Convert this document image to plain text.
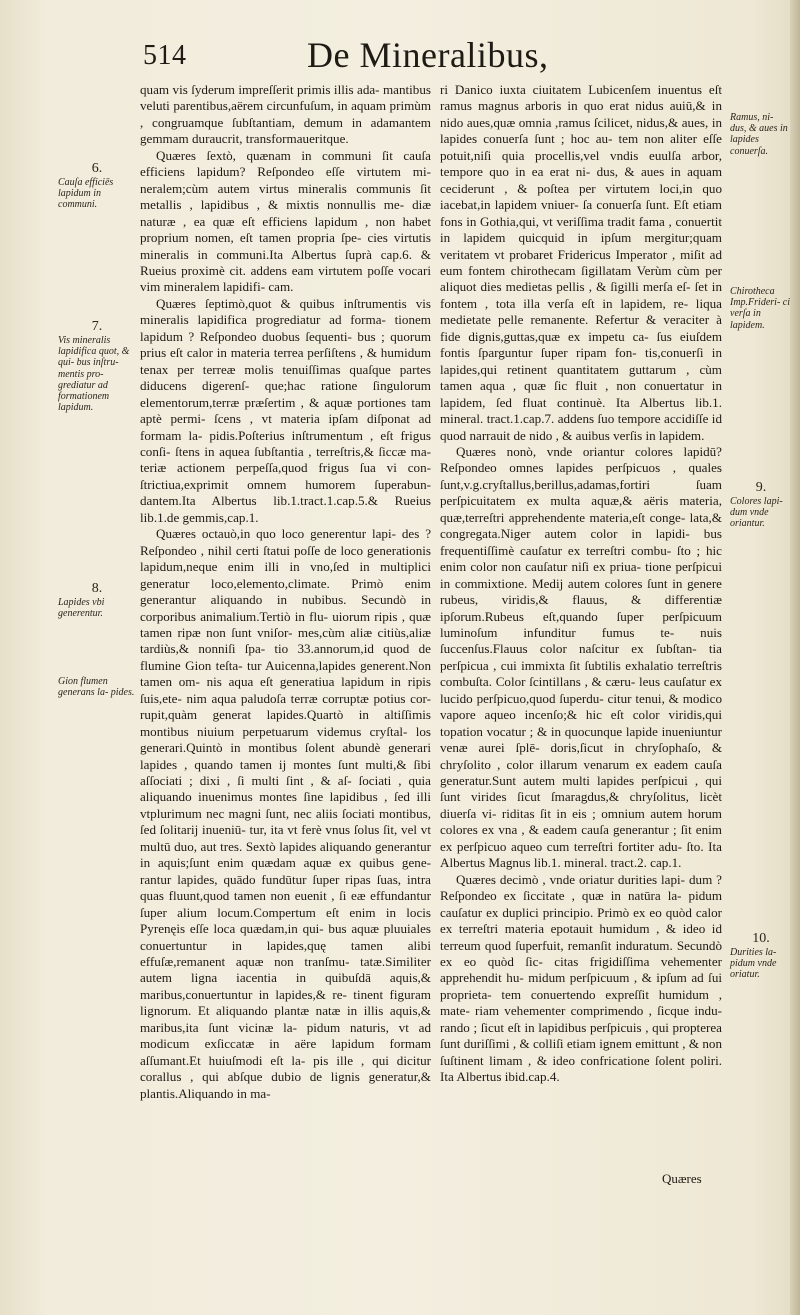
514	De Mineralibus,
6.
Cauſa efficiēs lapidum in communi.
7.
Vis mineralis lapidifica quot, & qui- bus inſtru- mentis pro- grediatur ad formationem lapidum.
8.
Lapides vbi generentur.
Gion flumen generans la- pides.

quam vis ſyderum impreſſerit primis illis ada- mantibus veluti parentibus,aërem circunfuſum, in aquam primùm , congruamque ſubſtantiam, demum in adamantem gemmam duraucrit, transformaueritque.

Quæres ſextò, quænam in communi ſit cauſa efficiens lapidum? Reſpondeo eſſe virtutem mi- neralem;cùm autem virtus mineralis communis ſit metallis , lapidibus , & mixtis nonnullis me- diæ naturæ , ea quæ eſt efficiens lapidum , non habet proprium nomen, eſt tamen propria ſpe- cies virtutis mineralis in communi.Ita Albertus ſuprà cap.6. & Rueius proximè cit. addens eam virtutem poſſe vocari vim mineralem lapidifi- cam.

Quæres ſeptimò,quot & quibus inſtrumentis vis mineralis lapidifica progrediatur ad forma- tionem lapidum ? Reſpondeo duobus ſequenti- bus ; quorum prius eſt calor in materia terrea perſiſtens , & humidum tenax per terreæ molis tenuiſſimas quaſque partes diducens digerenſ- que;hac ratione ſingulorum elementorum,terræ præſertim , & aquæ portiones tam aptè permi- ſcens , vt materia ipſam diſponat ad formam la- pidis.Poſterius inſtrumentum , eſt frigus conſi- ſtens in aquea ſubſtantia , terreſtris,& ſiccæ ma- teriæ actionem perpeſſa,quod frigus ſua vi con- ſtrictiua,exprimit omnem humorem ſuperabun- dantem.Ita Albertus lib.1.tract.1.cap.5.& Rueius lib.1.de gemmis,cap.1.

Quæres octauò,in quo loco generentur lapi- des ? Reſpondeo , nihil certi ſtatui poſſe de loco generationis lapidum,neque enim illi in vno,ſed in multiplici generatur loco,elemento,climate. Primò enim generantur aliquando in nubibus. Secundò in corporibus animalium.Tertiò in flu- uiorum ripis , quæ tamen ripæ non ſunt vniſor- mes,cùm aliæ citiùs,aliæ tardiùs,& nonniſi ſpa- tio 33.annorum,id quod de flumine Gion teſta- tur Auicenna,lapides generent.Non tamen om- nis aqua eſt generatiua lapidum in ripis ſuis,ete- nim aqua paludoſa terræ corruptæ potius cor- rupit,quàm generat lapides.Quartò in altiſſimis montibus niuium perpetuarum videmus cryſtal- los generari.Quintò in montibus ſolent abundè generari lapides , quando tamen ij montes ſunt multi,& ſibi aſſociati ; dixi , ſi multi ſint , & aſ- ſociati , quia aliquando inuenimus montes ſine lapidibus , ſed illi vtplurimum nec magni ſunt, nec aliis ſociati montibus, ſed ſolitarij inueniū- tur, ita vt ferè vnus ſolus ſit, vel vt multū duo, aut tres. Sextò lapides aliquando generantur in aquis;ſunt enim quædam aquæ ex quibus gene- rantur lapides, quādo fundūtur ſuper ripas ſuas, intra quas fluunt,quod tamen non euenit , ſi eæ effundantur ſuper alium locum.Compertum eſt enim in locis Pyrenęis eſſe loca quædam,in qui- bus aquæ pluuiales conuertuntur in lapides,quę tamen alibi effuſæ,remanent aquæ non tranſmu- tatæ.Similiter autem ligna iacentia in quibuſdā aquis,& maribus,conuertuntur in lapides,& re- tinent figuram lignorum. Et aliquando plantæ natæ in illis aquis,& maribus,ita ſunt vicinæ la- pidum naturis, vt ad modicum exſiccatæ in aëre lapidum formam aſſumant.Et huiuſmodi eſt la- pis ille , qui dicitur corallus , qui abſque dubio de lignis generatur,& plantis.Aliquando in ma-

ri Danico iuxta ciuitatem Lubicenſem inuentus eſt ramus magnus arboris in quo erat nidus auiū,& in nido aues,quæ omnia ,ramus ſcilicet, nidus,& aues, in lapides conuerſa ſunt ; hoc au- tem non aliter eſſe potuit,niſi quia procellis,vel vndis euulſa arbor, tempore quo in ea erat ni- dus, & aues in aquam ceciderunt , & poſtea per virtutem loci,in quo iacebat,in lapidem vniuer- ſa conuerſa ſunt. Eſt etiam fons in Gothia,qui, vt veriſſima tradit fama , conuertit in lapidem quicquid in ipſum mergitur;quam veritatem vt probaret Fridericus Imperator , miſit ad eum fontem chirothecam ſigillatam Verùm cùm per aliquot dies medietas pellis , & ſigilli merſa eſ- ſet in fontem , tota illa verſa eſt in lapidem, re- liqua medietate pelle remanente. Refertur & veraciter à fide dignis,guttas,quæ ex impetu ca- ſus eiuſdem fontis ſparguntur ſuper ripam fon- tis,conuerſi in lapides,qui retinent quantitatem guttarum , cùm tamen aqua , quæ ſic fluit , non conuertatur in lapidem, ſed fluat continuè. Ita Albertus lib.1. mineral. tract.1.cap.7. addens ſuo tempore accidiſſe id quod narrauit de nido , & auibus verſis in lapidem.

Quæres nonò, vnde oriantur colores lapidū? Reſpondeo omnes lapides perſpicuos , quales ſunt,v.g.cryſtallus,berillus,adamas,fortiri ſuam perſpicuitatem ex multa aquæ,& aëris materia, quæ,terreſtri apprehendente materia,eſt conge- lata,& congregata.Niger autem color in lapidi- bus frequentiſſimè cauſatur ex terreſtri combu- ſto ; hic enim color non cauſatur niſi ex priua- tione perſpicui in commixtione. Medij autem colores ſunt in genere rubeus, viridis,& flauus, & differentiæ ipſorum.Rubeus eſt,quando ſuper perſpicuum luminoſum infunditur fumus te- nuis ſuccenſus.Flauus color naſcitur ex ſubſtan- tia perſpicua , cui immixta ſit ſubtilis exhalatio terreſtris combuſta. Color ſcintillans , & cæru- leus cauſatur ex lucido perſpicuo,quod ſuperdu- citur tenui, & modico vapore aqueo incenſo;& hic eſt color viridis,qui topation vocatur ; & in quocunque lapide inueniuntur venæ aurei ſplē- doris,ſicut in chryſophaſo, & chryſolito , color illarum venarum ex eadem cauſa generatur.Sunt autem multi lapides perſpicui , qui ſunt virides ſicut ſmaragdus,& chryſolitus, licèt diuerſa vi- riditas ſit in eis ; omnium autem horum colores ex vna , & eadem cauſa generantur ; ſit enim ex perſpicuo aqueo cum terreſtri fortiter adu- ſto. Ita Albertus Magnus lib.1. mineral. tract.2. cap.1.

Quæres decimò , vnde oriatur durities lapi- dum ? Reſpondeo ex ſiccitate , quæ in natūra la- pidum cauſatur ex duplici principio. Primò ex eo quòd calor ex terreſtri materia epotauit humidum , & ideo id terreum quod ſuperfuit, remanſit induratum. Secundò ex eo quòd ſic- citas frigidiſſima vehementer apprehendit hu- midum perſpicuum , & ipſum ad ſui proprieta- tem conuertendo expreſſit humidum , mate- riam vehementer comprimendo , ſicque indu- rando ; ſicut eſt in lapidibus perſpicuis , qui propterea ſunt duriſſimi , & colliſi etiam ignem emittunt , & non ſuſtinent limam , & ideo confricatione ſolent poliri. Ita Albertus ibid.cap.4.

Ramus, ni- dus, & aues in lapides conuerſa.
Chirotheca Imp.Frideri- ci verſa in lapidem.
9.
Colores lapi- dum vnde oriantur.
10.
Durities la- pidum vnde oriatur.
Quæres
